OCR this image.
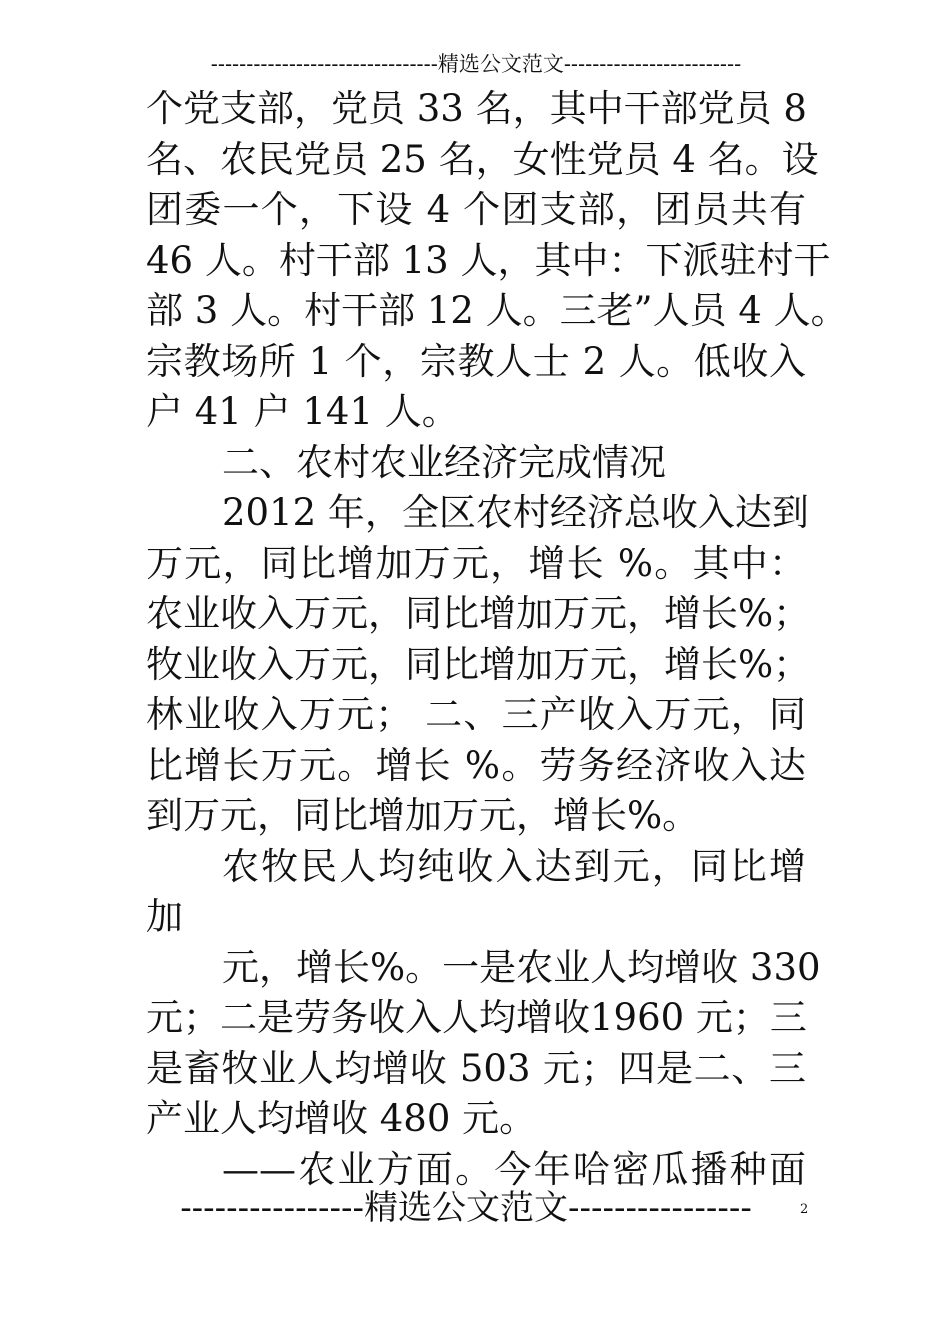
--------------------------------精选公文范文-------------------------
个党支部，党员 33 名，其中干部党员 8
名、农民党员 25 名，女性党员 4 名。设
团委一个，下设 4 个团支部，团员共有
46 人。村干部 13 人，其中：下派驻村干
部 3 人。村干部 12 人。三老”人员 4 人。
宗教场所 1 个，宗教人士 2 人。低收入
户 41 户 141 人。
二、农村农业经济完成情况
2012 年，全区农村经济总收入达到
万元，同比增加万元，增长 %。其中：
农业收入万元，同比增加万元，增长%；
牧业收入万元，同比增加万元，增长%；
林业收入万元； 二、三产收入万元，同
比增长万元。增长 %。劳务经济收入达
到万元，同比增加万元，增长%。
农牧民人均纯收入达到元，同比增
加
元，增长%。一是农业人均增收 330
元；二是劳务收入人均增收1960 元；三
是畜牧业人均增收 503 元；四是二、三
产业人均增收 480 元。
——农业方面。今年哈密瓜播种面
----------------精选公文范文----------------	2
